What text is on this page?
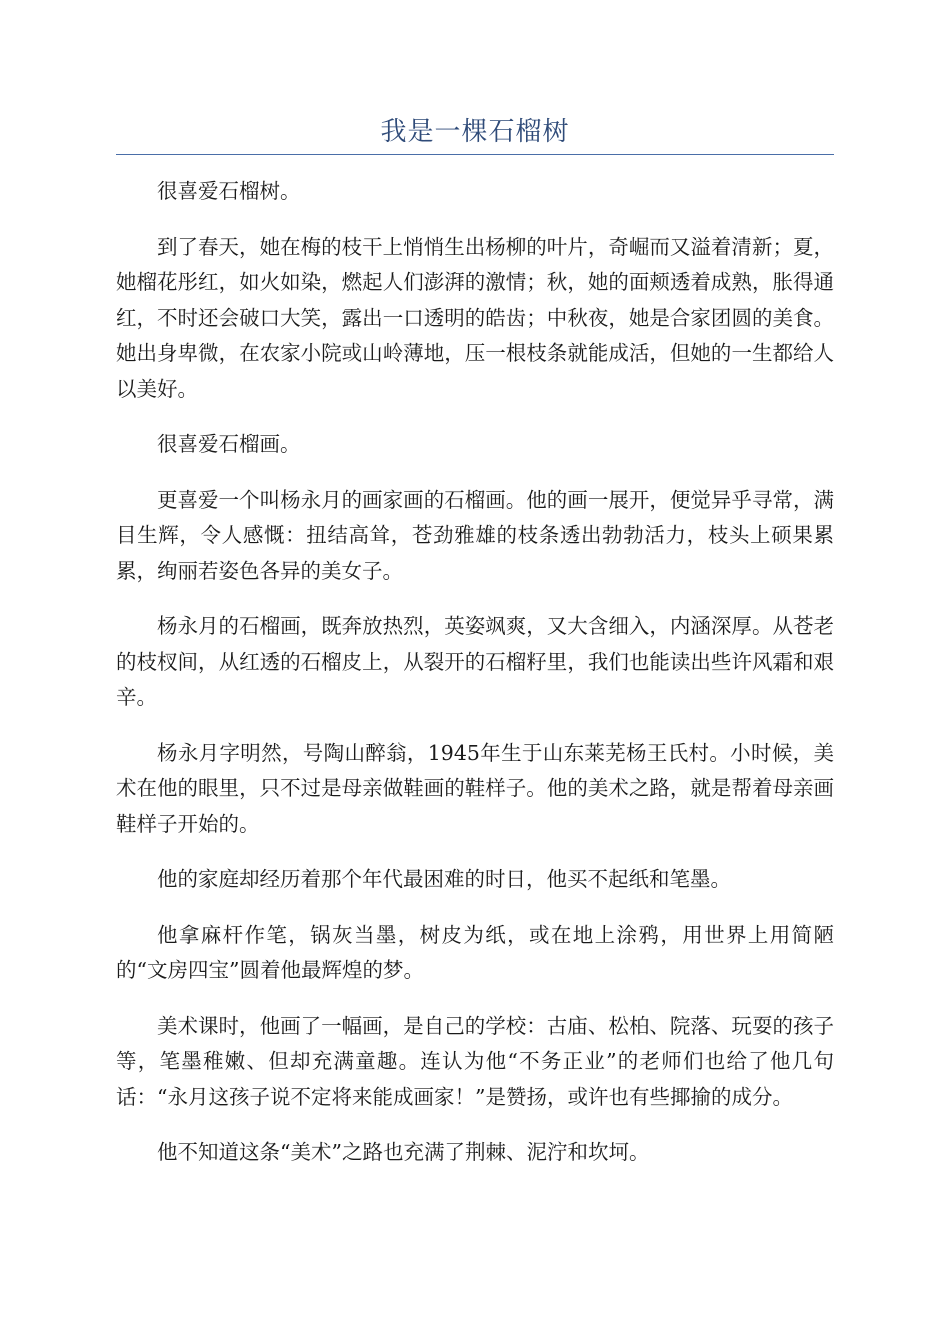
我是一棵石榴树

很喜爱石榴树。

到了春天，她在梅的枝干上悄悄生出杨柳的叶片，奇崛而又溢着清新；夏，她榴花彤红，如火如染，燃起人们澎湃的激情；秋，她的面颊透着成熟，胀得通红，不时还会破口大笑，露出一口透明的皓齿；中秋夜，她是合家团圆的美食。她出身卑微，在农家小院或山岭薄地，压一根枝条就能成活，但她的一生都给人以美好。

很喜爱石榴画。

更喜爱一个叫杨永月的画家画的石榴画。他的画一展开，便觉异乎寻常，满目生辉，令人感慨：扭结高耸，苍劲雅雄的枝条透出勃勃活力，枝头上硕果累累，绚丽若姿色各异的美女子。

杨永月的石榴画，既奔放热烈，英姿飒爽，又大含细入，内涵深厚。从苍老的枝杈间，从红透的石榴皮上，从裂开的石榴籽里，我们也能读出些许风霜和艰辛。

杨永月字明然，号陶山醉翁，1945年生于山东莱芜杨王氏村。小时候，美术在他的眼里，只不过是母亲做鞋画的鞋样子。他的美术之路，就是帮着母亲画鞋样子开始的。

他的家庭却经历着那个年代最困难的时日，他买不起纸和笔墨。

他拿麻杆作笔，锅灰当墨，树皮为纸，或在地上涂鸦，用世界上用简陋的“文房四宝”圆着他最辉煌的梦。

美术课时，他画了一幅画，是自己的学校：古庙、松柏、院落、玩耍的孩子等，笔墨稚嫩、但却充满童趣。连认为他“不务正业”的老师们也给了他几句话：“永月这孩子说不定将来能成画家！”是赞扬，或许也有些揶揄的成分。

他不知道这条“美术”之路也充满了荆棘、泥泞和坎坷。
